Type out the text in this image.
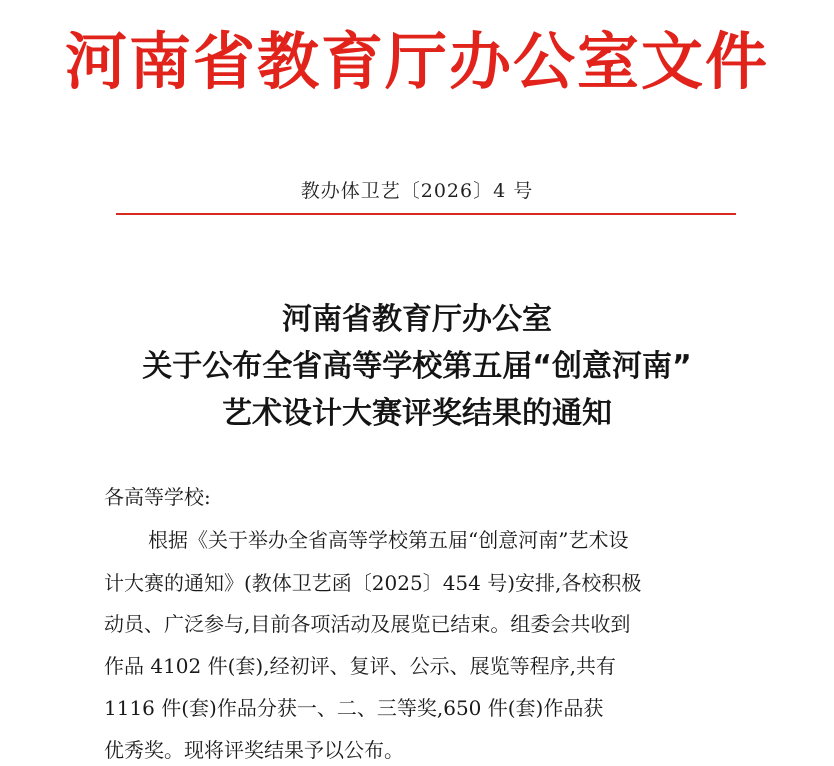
河南省教育厅办公室文件
教办体卫艺〔2026〕4 号
河南省教育厅办公室
关于公布全省高等学校第五届“创意河南”
艺术设计大赛评奖结果的通知
各高等学校:
根据《关于举办全省高等学校第五届“创意河南”艺术设
计大赛的通知》(教体卫艺函〔2025〕454 号)安排,各校积极
动员、广泛参与,目前各项活动及展览已结束。组委会共收到
作品 4102 件(套),经初评、复评、公示、展览等程序,共有
1116 件(套)作品分获一、二、三等奖,650 件(套)作品获
优秀奖。现将评奖结果予以公布。
